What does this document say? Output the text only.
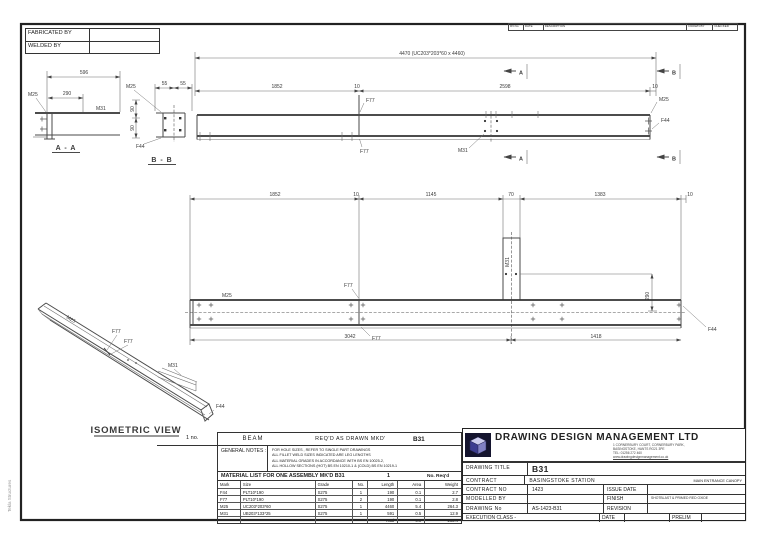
4470 (UC203*203*60 x 4460)
1852	10	2598	10
F77
F77	M31
M25
F44
A	B
A	B
1852	10	1145	70	1383	10
M31
290
3042	1418
M25
F77
F77
F44
596
290
M25
M31
A - A
55	55
M25
90
90
F44
B - B
M25
F77
F77
M31
F44
ISOMETRIC VIEW
Tekla Structures
FABRICATED BY
WELDED BY
RV.No	DATE	DESCRIPTION	DRAWN BY	CHECKED
1 no.	BEAM	REQ'D AS DRAWN MKD'	B31
GENERAL NOTES :	FOR HOLE SIZES , REFER TO SINGLE PART DRAWINGS
ALL FILLET WELD SIZES INDICATED ARE LEG LENGTHS
ALL MATERIAL GRADES IN ACCORDANCE WITH BS EN 10025-2,
ALL HOLLOW SECTIONS (HOT) BS EN 10210-1 & (COLD) BS EN 10219-1
MATERIAL LIST FOR ONE ASSEMBLY MK'D B31	1	No. Req'd
Mark	Size	Grade	No.	Length	Area	Weight
F44	PLT10*190	S275	1	190	0.1	2.7
F77	PLT10*190	S275	2	190	0.1	2.8
M25	UC203*203*60	S275	1	4460	5.4	264.3
M31	UB203*133*25	S275	1	591	0.5	12.9
Total	6.0	282.4
DRAWING DESIGN MANAGEMENT LTD
1 CORNERBURY COURT, CORNERBURY PARK,
BASINGSTOKE, HANTS RG21 3PE
TEL: 01256 272 460
www.drawingdesignmanagement.co.uk
DRAWING TITLE	B31
CONTRACT	BASINGSTOKE STATION	MAIN ENTRANCE CANOPY
CONTRACT NO	1423	ISSUE DATE
MODELLED BY	FINISH	SHOTBLAST & PRIMED RED OXIDE
DRAWING No	AS-1423-B31	REVISION
EXECUTION CLASS -	DATE	PRELIM
